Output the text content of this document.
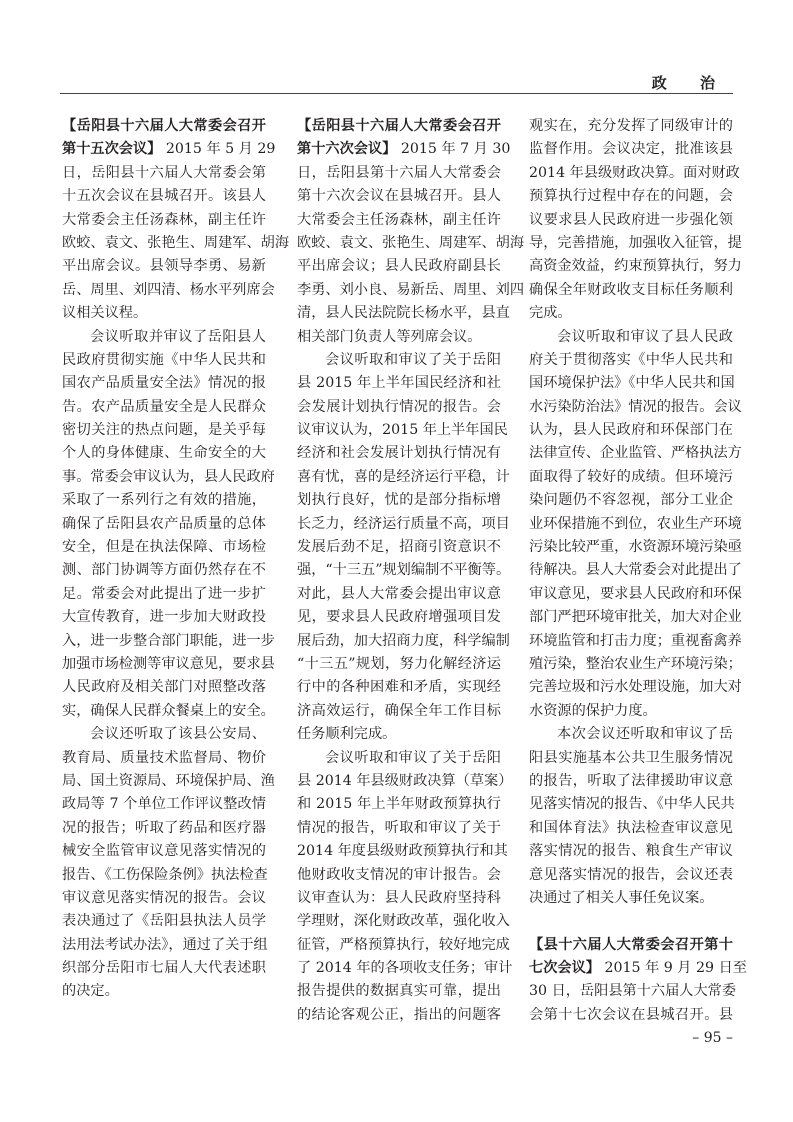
政 治
【岳阳县十六届人大常委会召开
第十五次会议】 2015 年 5 月 29
日，岳阳县十六届人大常委会第
十五次会议在县城召开。该县人
大常委会主任汤森林，副主任许
欧蛟、袁文、张艳生、周建军、胡海
平出席会议。县领导李勇、易新
岳、周里、刘四清、杨水平列席会
议相关议程。
会议听取并审议了岳阳县人
民政府贯彻实施《中华人民共和
国农产品质量安全法》情况的报
告。农产品质量安全是人民群众
密切关注的热点问题，是关乎每
个人的身体健康、生命安全的大
事。常委会审议认为，县人民政府
采取了一系列行之有效的措施，
确保了岳阳县农产品质量的总体
安全，但是在执法保障、市场检
测、部门协调等方面仍然存在不
足。常委会对此提出了进一步扩
大宣传教育，进一步加大财政投
入，进一步整合部门职能，进一步
加强市场检测等审议意见，要求县
人民政府及相关部门对照整改落
实，确保人民群众餐桌上的安全。
会议还听取了该县公安局、
教育局、质量技术监督局、物价
局、国土资源局、环境保护局、渔
政局等 7 个单位工作评议整改情
况的报告；听取了药品和医疗器
械安全监管审议意见落实情况的
报告、《工伤保险条例》执法检查
审议意见落实情况的报告。会议
表决通过了《岳阳县执法人员学
法用法考试办法》，通过了关于组
织部分岳阳市七届人大代表述职
的决定。
【岳阳县十六届人大常委会召开
第十六次会议】 2015 年 7 月 30
日，岳阳县第十六届人大常委会
第十六次会议在县城召开。县人
大常委会主任汤森林，副主任许
欧蛟、袁文、张艳生、周建军、胡海
平出席会议；县人民政府副县长
李勇、刘小良、易新岳、周里、刘四
清，县人民法院院长杨水平，县直
相关部门负责人等列席会议。
会议听取和审议了关于岳阳
县 2015 年上半年国民经济和社
会发展计划执行情况的报告。会
议审议认为，2015 年上半年国民
经济和社会发展计划执行情况有
喜有忧，喜的是经济运行平稳，计
划执行良好，忧的是部分指标增
长乏力，经济运行质量不高，项目
发展后劲不足，招商引资意识不
强，“十三五”规划编制不平衡等。
对此，县人大常委会提出审议意
见，要求县人民政府增强项目发
展后劲，加大招商力度，科学编制
“十三五”规划，努力化解经济运
行中的各种困难和矛盾，实现经
济高效运行，确保全年工作目标
任务顺利完成。
会议听取和审议了关于岳阳
县 2014 年县级财政决算（草案）
和 2015 年上半年财政预算执行
情况的报告，听取和审议了关于
2014 年度县级财政预算执行和其
他财政收支情况的审计报告。会
议审查认为：县人民政府坚持科
学理财，深化财政改革，强化收入
征管，严格预算执行，较好地完成
了 2014 年的各项收支任务；审计
报告提供的数据真实可靠，提出
的结论客观公正，指出的问题客
观实在，充分发挥了同级审计的
监督作用。会议决定，批准该县
2014 年县级财政决算。面对财政
预算执行过程中存在的问题，会
议要求县人民政府进一步强化领
导，完善措施，加强收入征管，提
高资金效益，约束预算执行，努力
确保全年财政收支目标任务顺利
完成。
会议听取和审议了县人民政
府关于贯彻落实《中华人民共和
国环境保护法》《中华人民共和国
水污染防治法》情况的报告。会议
认为，县人民政府和环保部门在
法律宣传、企业监管、严格执法方
面取得了较好的成绩。但环境污
染问题仍不容忽视，部分工业企
业环保措施不到位，农业生产环境
污染比较严重，水资源环境污染亟
待解决。县人大常委会对此提出了
审议意见，要求县人民政府和环保
部门严把环境审批关，加大对企业
环境监管和打击力度；重视畜禽养
殖污染，整治农业生产环境污染；
完善垃圾和污水处理设施，加大对
水资源的保护力度。
本次会议还听取和审议了岳
阳县实施基本公共卫生服务情况
的报告，听取了法律援助审议意
见落实情况的报告、《中华人民共
和国体育法》执法检查审议意见
落实情况的报告、粮食生产审议
意见落实情况的报告，会议还表
决通过了相关人事任免议案。
【县十六届人大常委会召开第十
七次会议】 2015 年 9 月 29 日至
30 日，岳阳县第十六届人大常委
会第十七次会议在县城召开。县
– 95 –
